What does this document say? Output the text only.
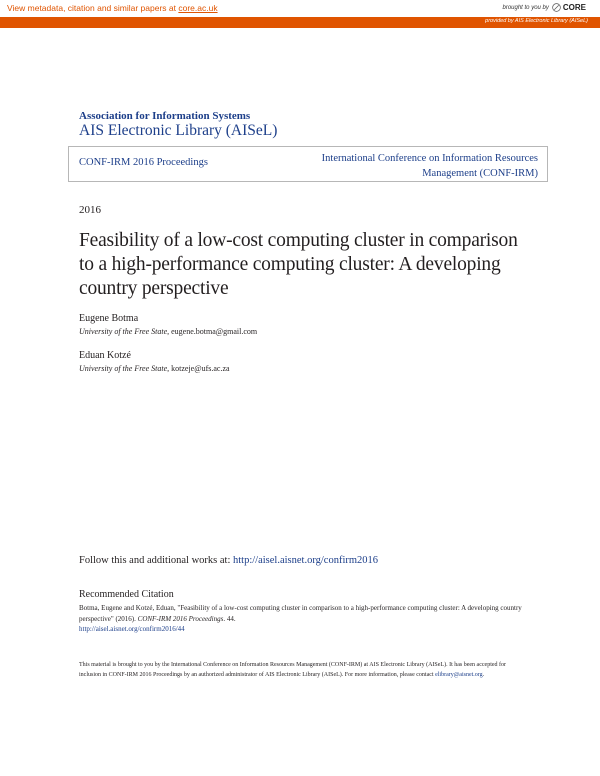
View metadata, citation and similar papers at core.ac.uk	brought to you by CORE
provided by AIS Electronic Library (AISeL)
Association for Information Systems
AIS Electronic Library (AISeL)
CONF-IRM 2016 Proceedings	International Conference on Information Resources
Management (CONF-IRM)
2016
Feasibility of a low-cost computing cluster in comparison to a high-performance computing cluster: A developing country perspective
Eugene Botma
University of the Free State, eugene.botma@gmail.com
Eduan Kotzé
University of the Free State, kotzeje@ufs.ac.za
Follow this and additional works at: http://aisel.aisnet.org/confirm2016
Recommended Citation
Botma, Eugene and Kotzé, Eduan, "Feasibility of a low-cost computing cluster in comparison to a high-performance computing cluster: A developing country perspective" (2016). CONF-IRM 2016 Proceedings. 44.
http://aisel.aisnet.org/confirm2016/44
This material is brought to you by the International Conference on Information Resources Management (CONF-IRM) at AIS Electronic Library (AISeL). It has been accepted for inclusion in CONF-IRM 2016 Proceedings by an authorized administrator of AIS Electronic Library (AISeL). For more information, please contact elibrary@aisnet.org.
